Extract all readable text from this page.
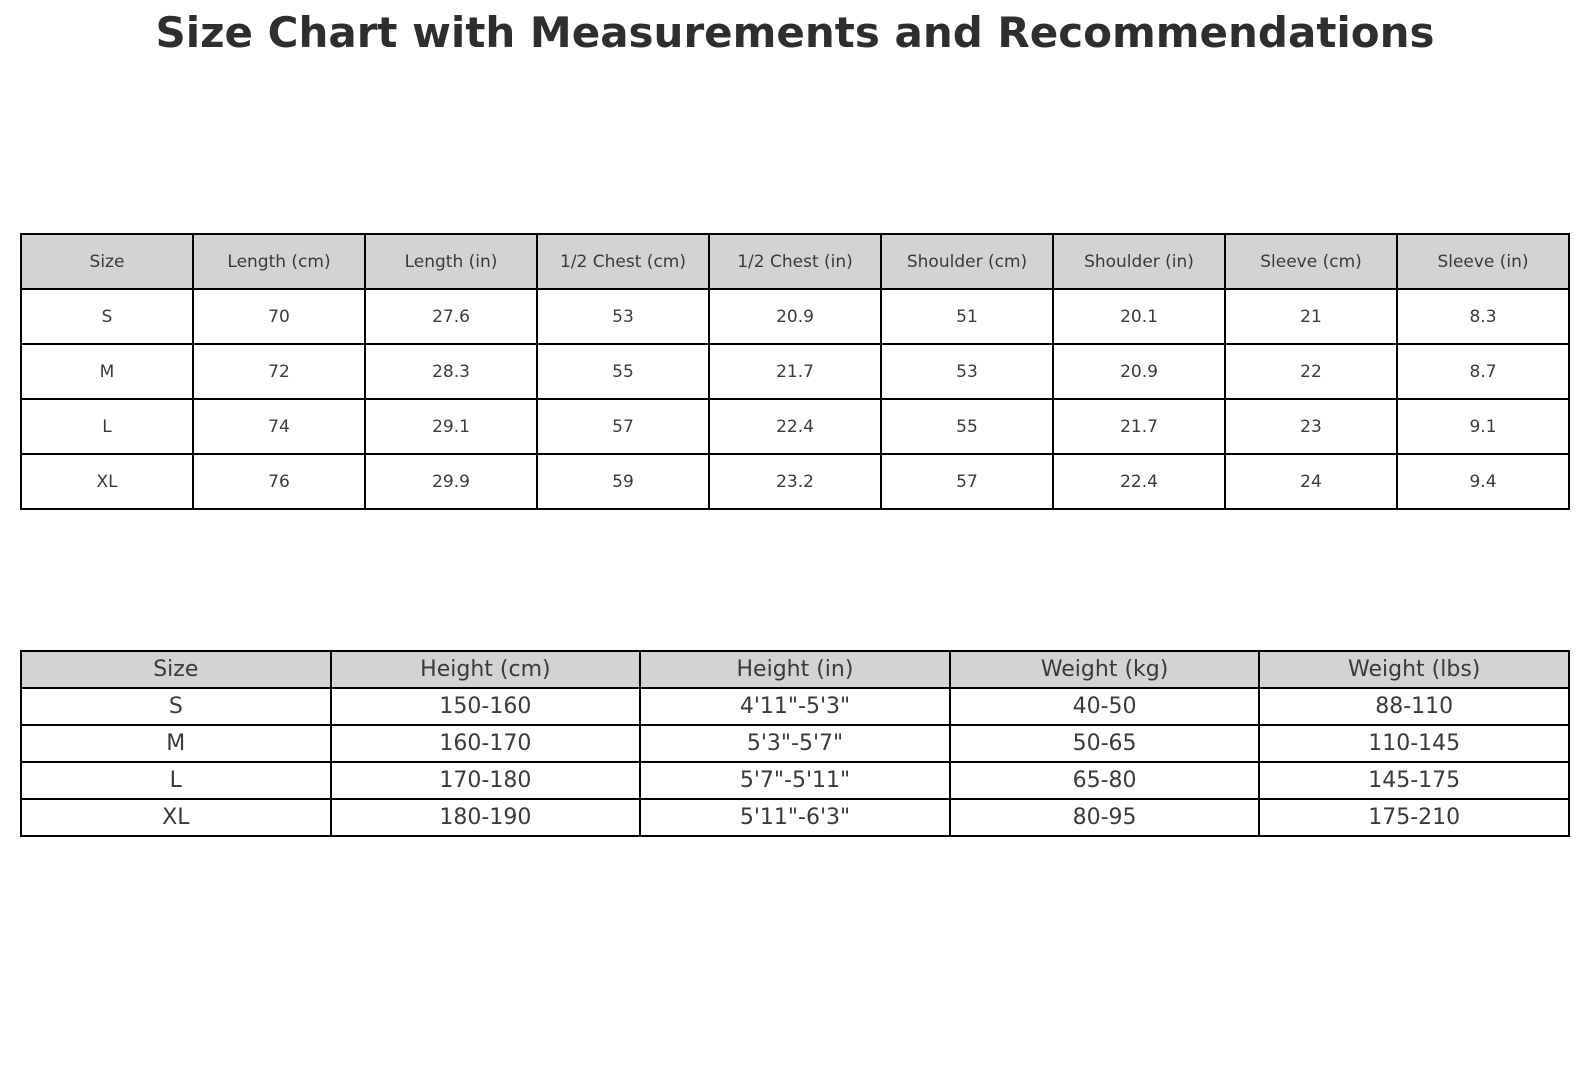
Size Chart with Measurements and Recommendations
Size	Length (cm)	Length (in)	1/2 Chest (cm)	1/2 Chest (in)	Shoulder (cm)	Shoulder (in)	Sleeve (cm)	Sleeve (in)
S	70	27.6	53	20.9	51	20.1	21	8.3
M	72	28.3	55	21.7	53	20.9	22	8.7
L	74	29.1	57	22.4	55	21.7	23	9.1
XL	76	29.9	59	23.2	57	22.4	24	9.4
Size	Height (cm)	Height (in)	Weight (kg)	Weight (lbs)
S	150-160	4'11"-5'3"	40-50	88-110
M	160-170	5'3"-5'7"	50-65	110-145
L	170-180	5'7"-5'11"	65-80	145-175
XL	180-190	5'11"-6'3"	80-95	175-210
